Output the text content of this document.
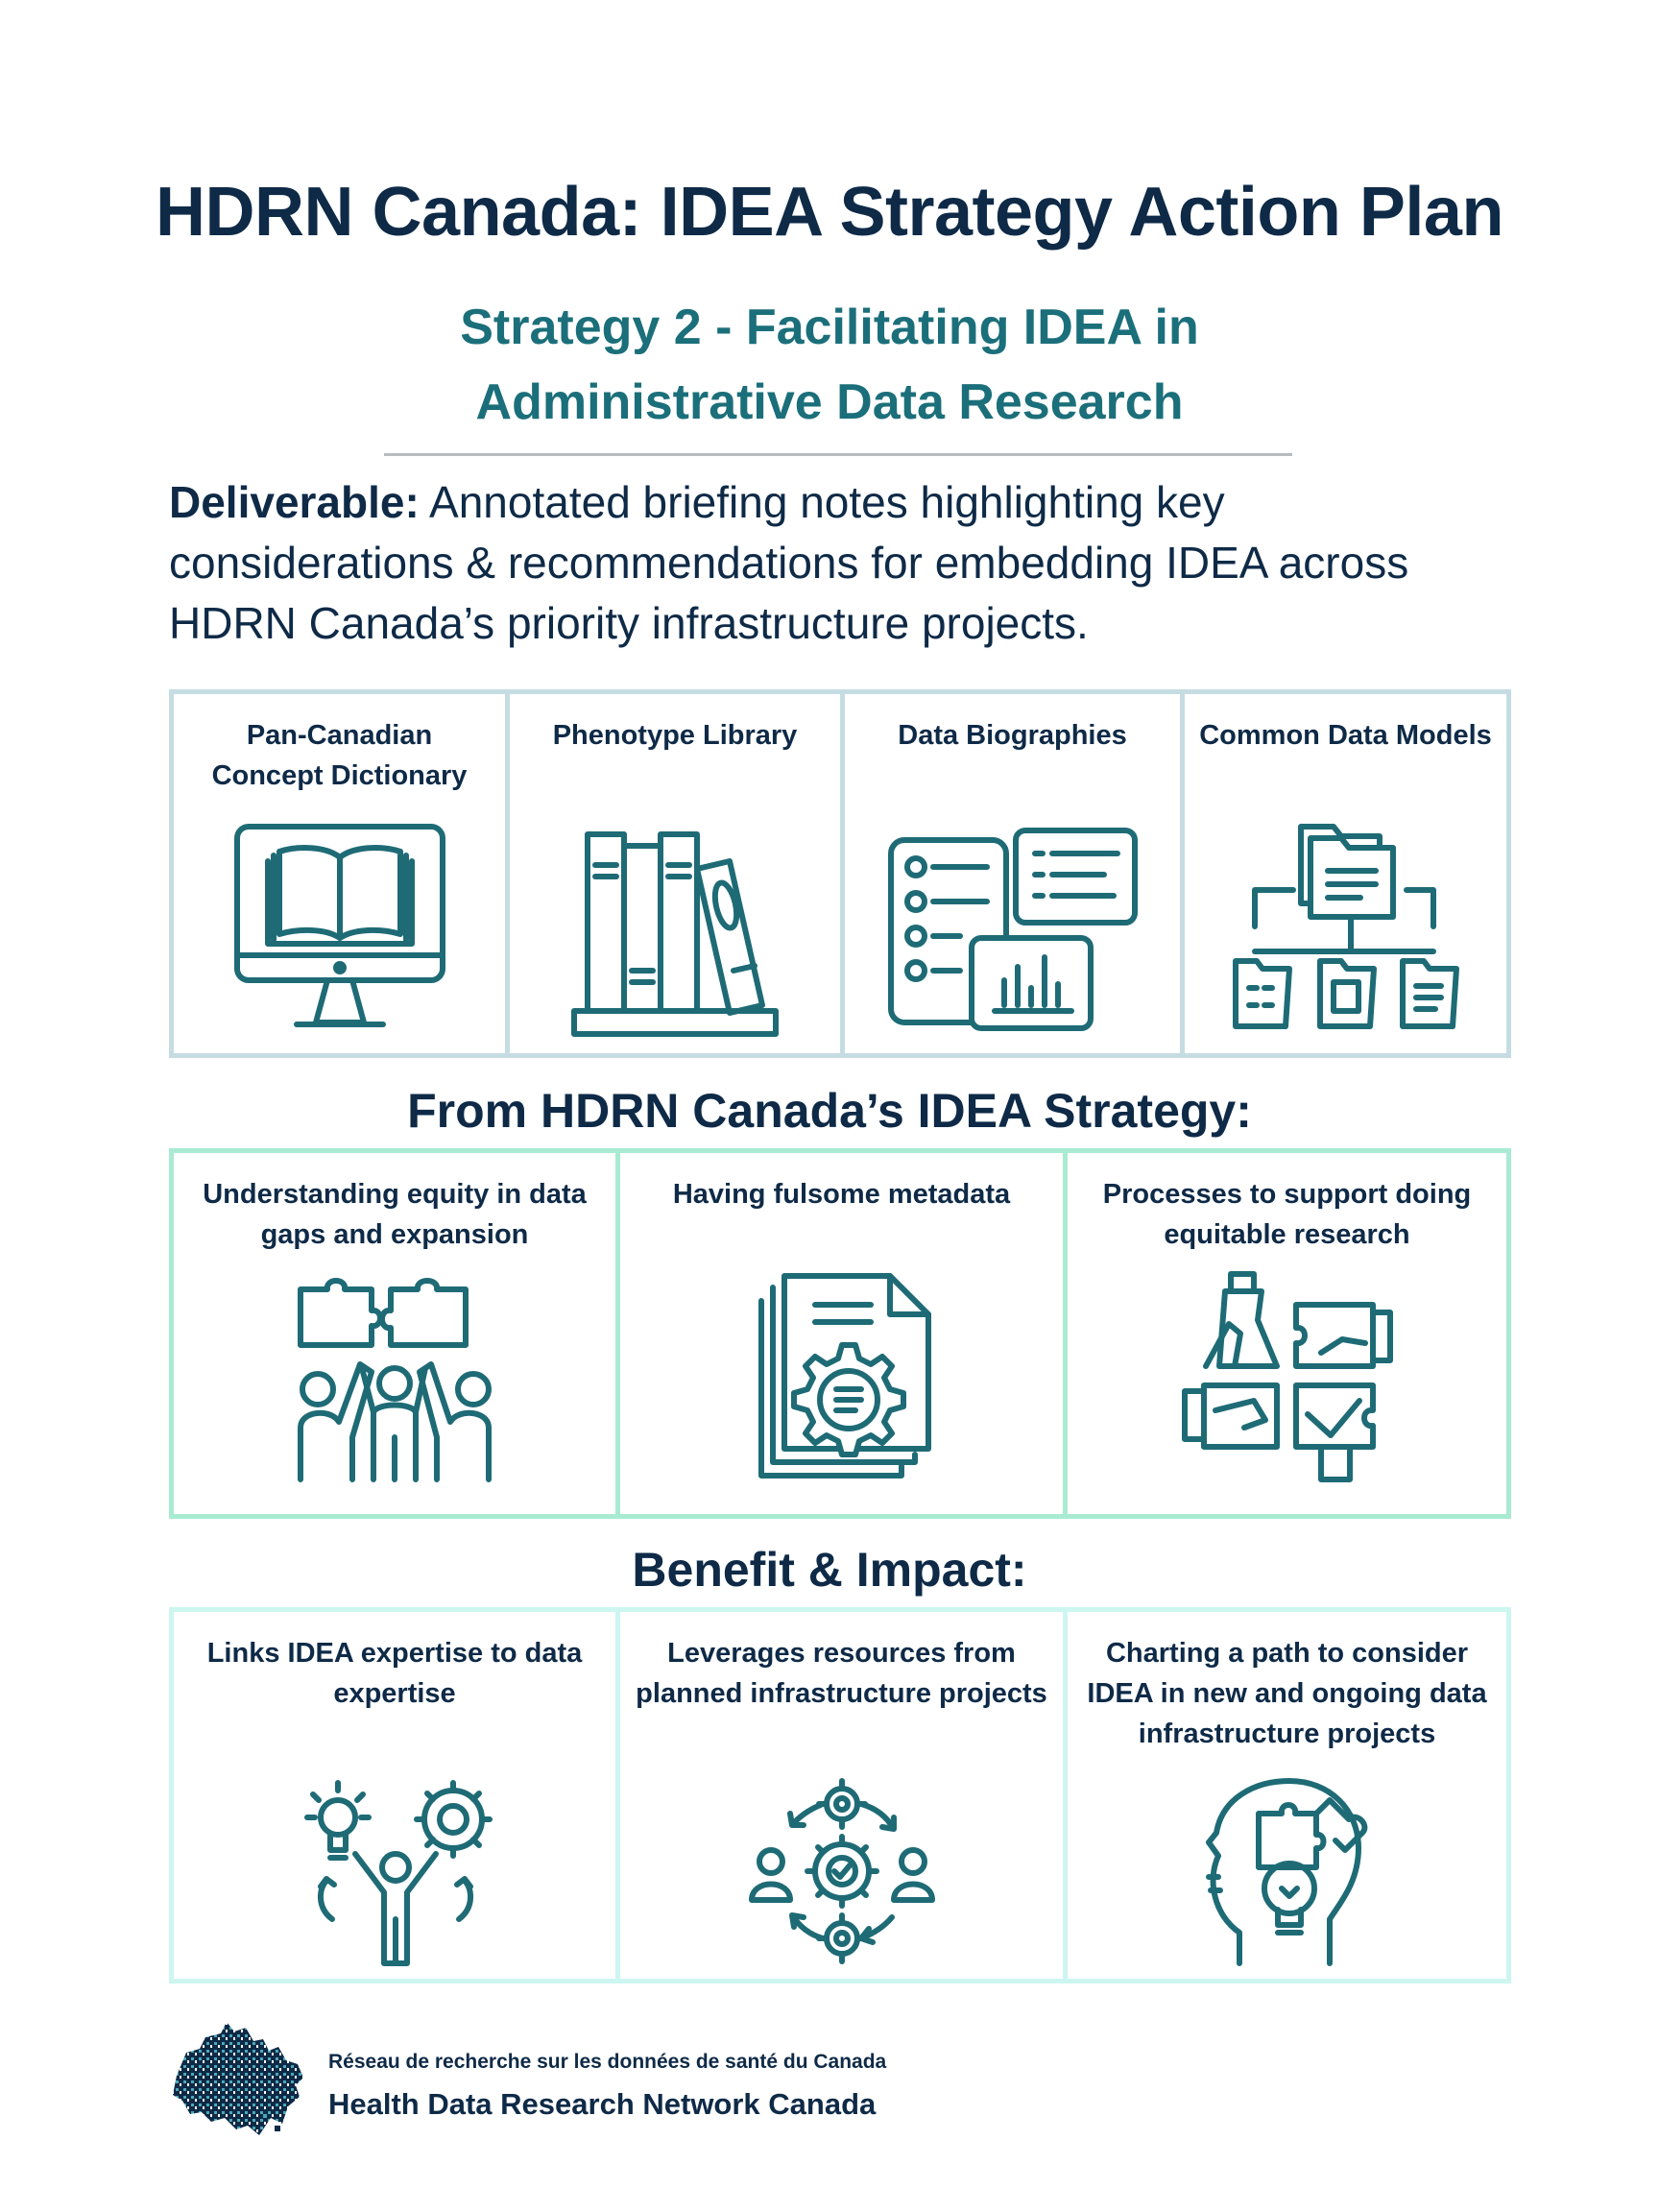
HDRN Canada: IDEA Strategy Action Plan
Strategy 2 - Facilitating IDEA in
Administrative Data Research
Deliverable: Annotated briefing notes highlighting key considerations & recommendations for embedding IDEA across HDRN Canada’s priority infrastructure projects.
Pan-Canadian Concept Dictionary
Phenotype Library	Data Biographies	Common Data Models
From HDRN Canada’s IDEA Strategy:
Understanding equity in data gaps and expansion
Having fulsome metadata	Processes to support doing equitable research
Benefit & Impact:
Links IDEA expertise to data expertise
Leverages resources from planned infrastructure projects
Charting a path to consider IDEA in new and ongoing data infrastructure projects
Réseau de recherche sur les données de santé du Canada
Health Data Research Network Canada
